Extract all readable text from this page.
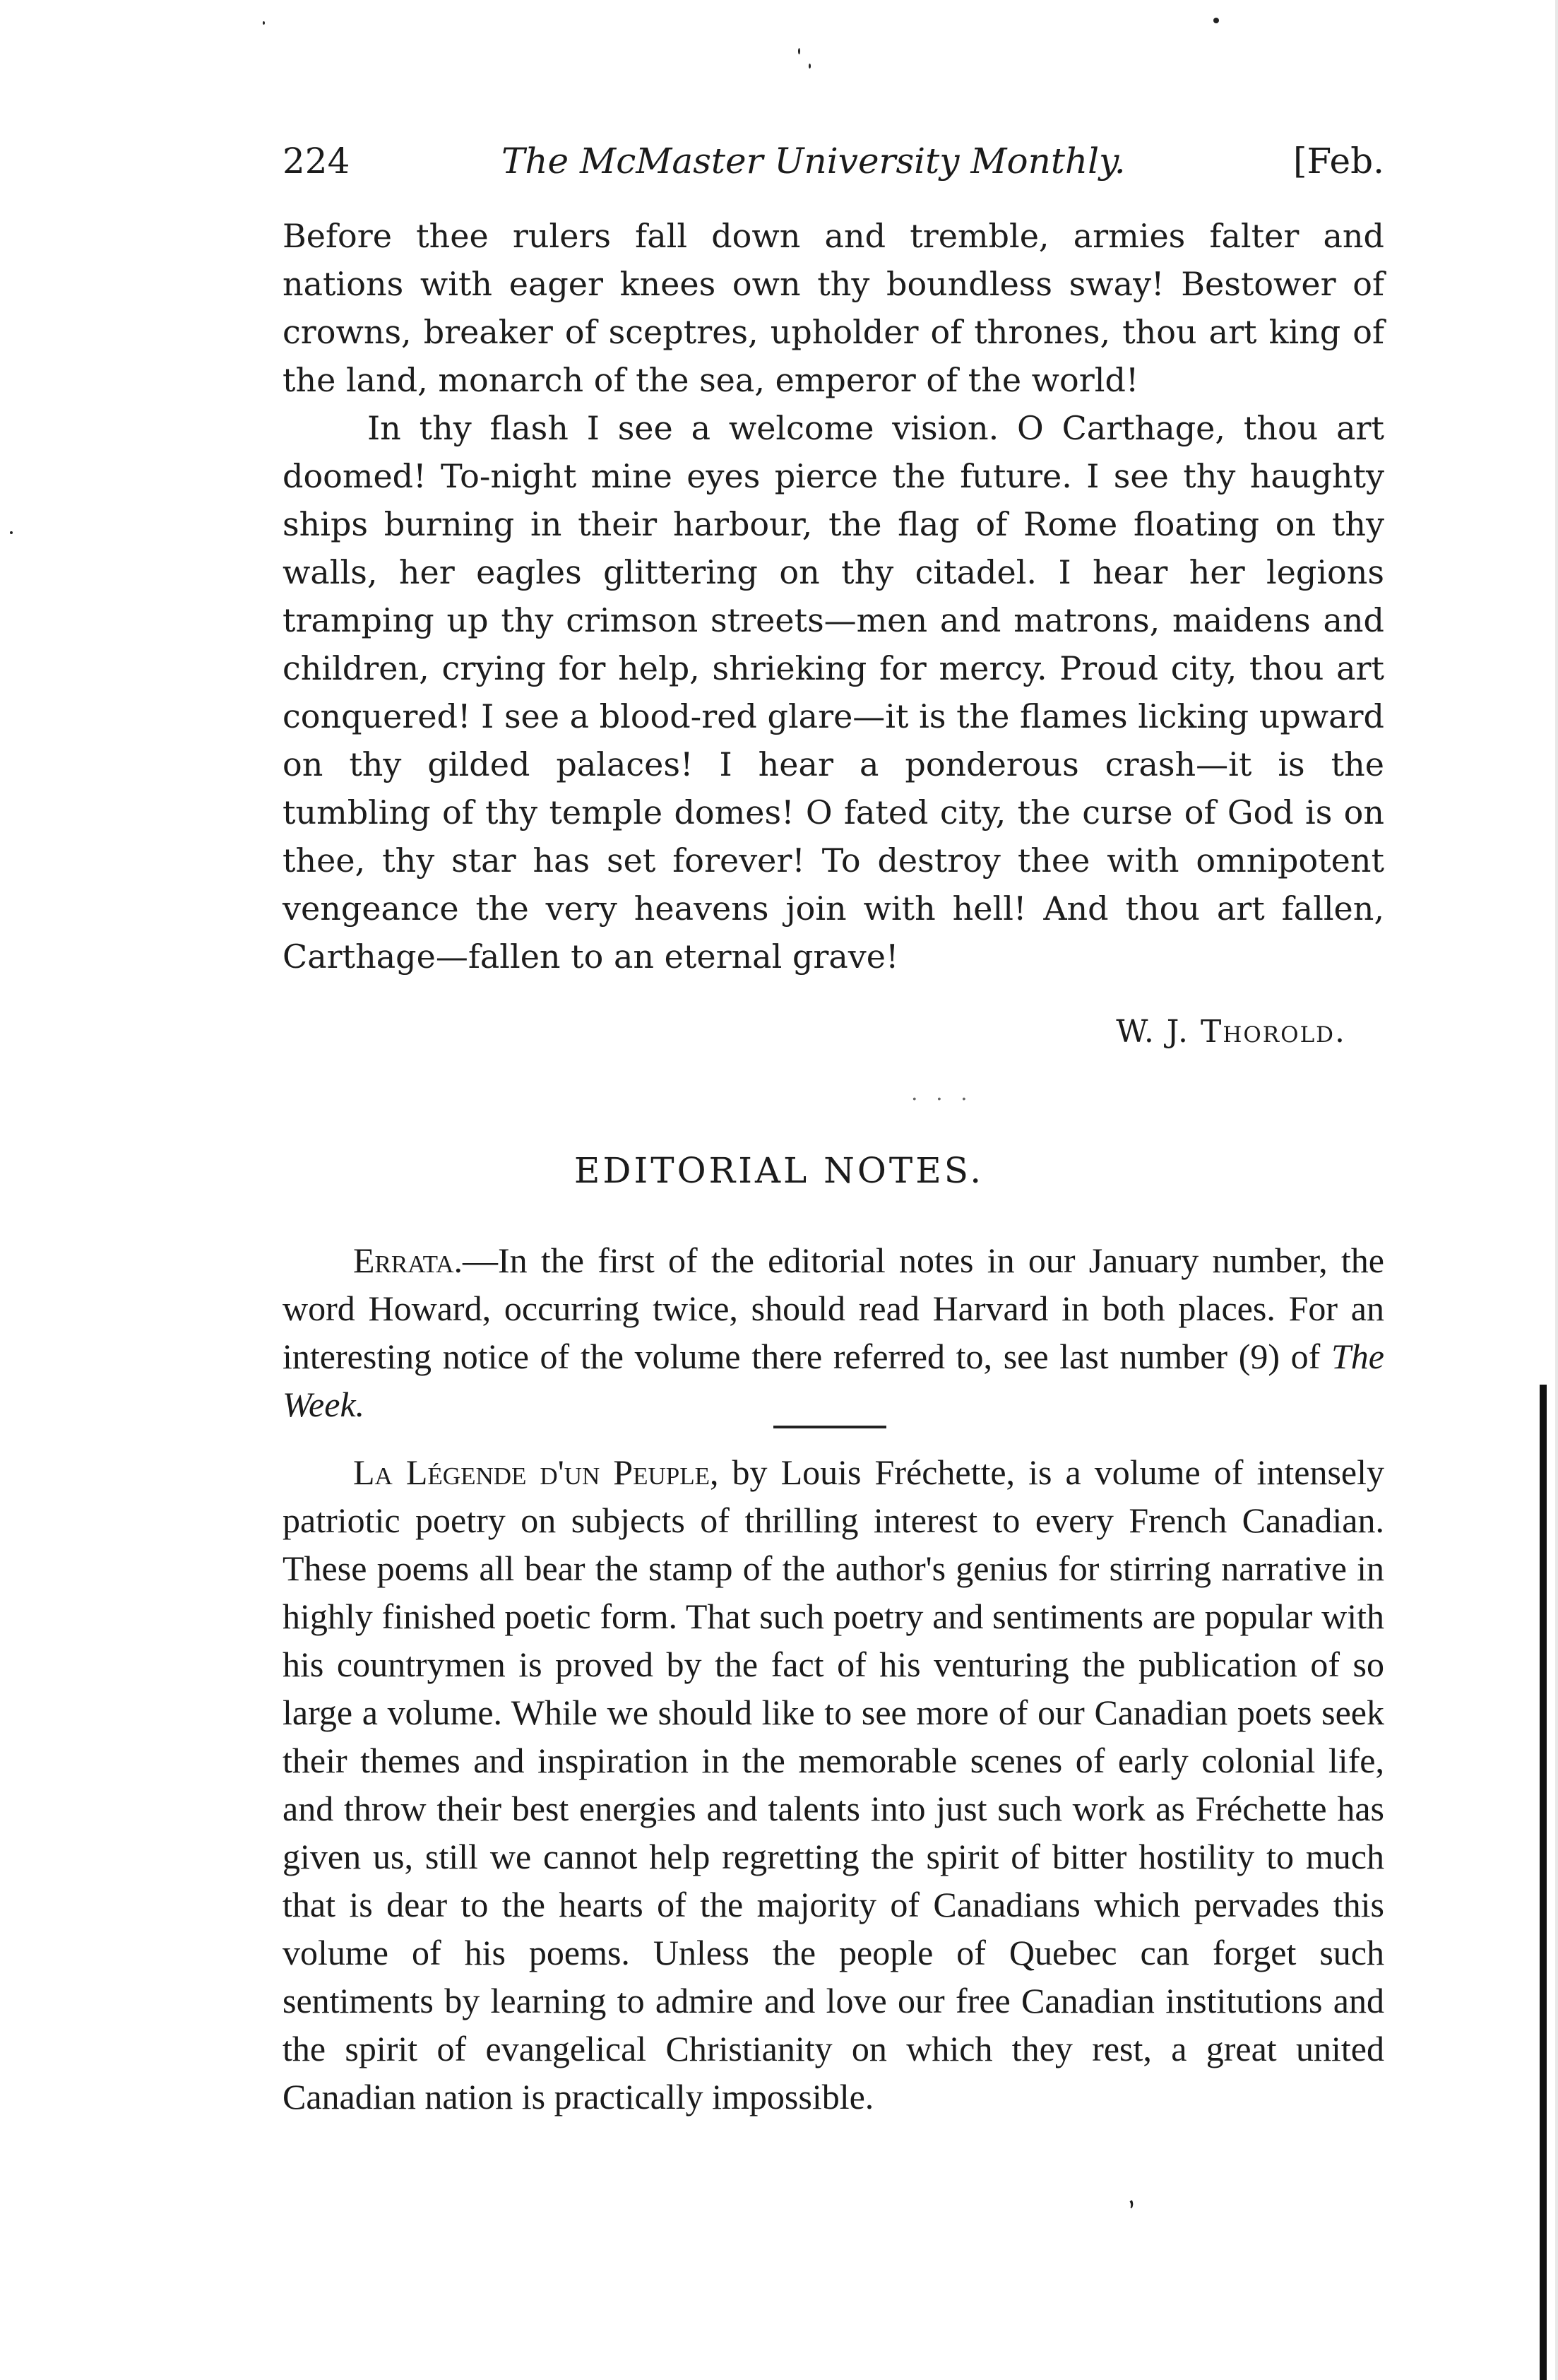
224	The McMaster University Monthly.	[Feb.

Before thee rulers fall down and tremble, armies falter and nations with eager knees own thy boundless sway! Bestower of crowns, breaker of sceptres, upholder of thrones, thou art king of the land, monarch of the sea, emperor of the world!

In thy flash I see a welcome vision. O Carthage, thou art doomed! To-night mine eyes pierce the future. I see thy haughty ships burning in their harbour, the flag of Rome floating on thy walls, her eagles glittering on thy citadel. I hear her legions tramping up thy crimson streets—men and matrons, maidens and children, crying for help, shrieking for mercy. Proud city, thou art conquered! I see a blood-red glare—it is the flames licking upward on thy gilded palaces! I hear a ponderous crash—it is the tumbling of thy temple domes! O fated city, the curse of God is on thee, thy star has set forever! To destroy thee with omnipotent vengeance the very heavens join with hell! And thou art fallen, Carthage—fallen to an eternal grave!

W. J. Thorold.
. . .
EDITORIAL NOTES.

Errata.—In the first of the editorial notes in our January number, the word Howard, occurring twice, should read Harvard in both places. For an interesting notice of the volume there referred to, see last number (9) of The Week.

La Légende d'un Peuple, by Louis Fréchette, is a volume of intensely patriotic poetry on subjects of thrilling interest to every French Canadian. These poems all bear the stamp of the author's genius for stirring narrative in highly finished poetic form. That such poetry and sentiments are popular with his countrymen is proved by the fact of his venturing the publication of so large a volume. While we should like to see more of our Canadian poets seek their themes and inspiration in the memorable scenes of early colonial life, and throw their best energies and talents into just such work as Fréchette has given us, still we cannot help regretting the spirit of bitter hostility to much that is dear to the hearts of the majority of Canadians which pervades this volume of his poems. Unless the people of Quebec can forget such sentiments by learning to admire and love our free Canadian institutions and the spirit of evangelical Christianity on which they rest, a great united Canadian nation is practically impossible.

,
